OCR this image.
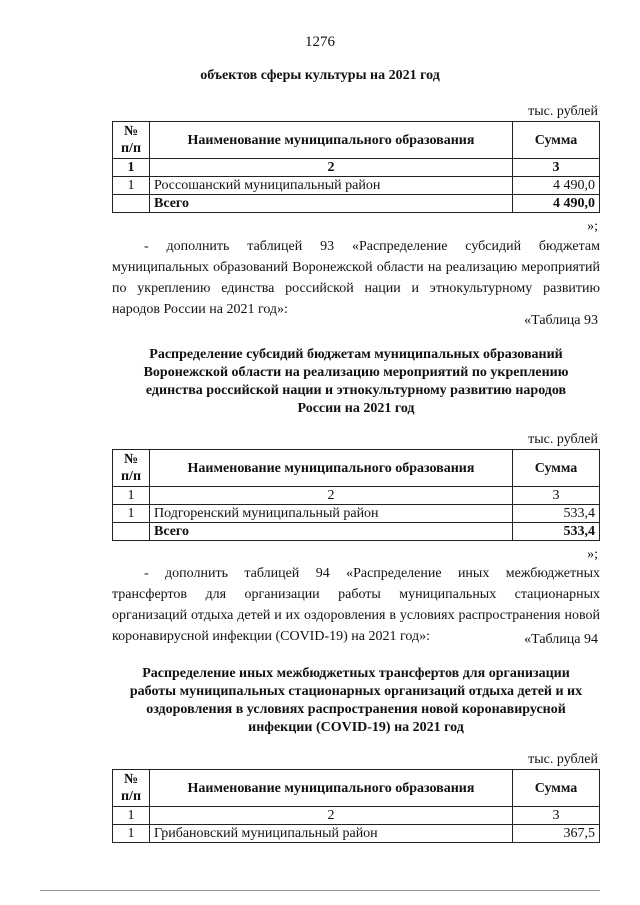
1276
объектов сферы культуры на 2021 год
тыс. рублей
№
п/п	Наименование муниципального образования	Сумма
1	2	3
1	Россошанский муниципальный район	4 490,0
	Всего	4 490,0
»;
- дополнить таблицей 93 «Распределение субсидий бюджетам муниципальных образований Воронежской области на реализацию мероприятий по укреплению единства российской нации и этнокультурному развитию народов России на 2021 год»:
«Таблица 93
Распределение субсидий бюджетам муниципальных образований
Воронежской области на реализацию мероприятий по укреплению
единства российской нации и этнокультурному развитию народов
России на 2021 год
тыс. рублей
№
п/п	Наименование муниципального образования	Сумма
1	2	3
1	Подгоренский муниципальный район	533,4
	Всего	533,4
»;
- дополнить таблицей 94 «Распределение иных межбюджетных трансфертов для организации работы муниципальных стационарных организаций отдыха детей и их оздоровления в условиях распространения новой коронавирусной инфекции (COVID-19) на 2021 год»:	«Таблица 94
Распределение иных межбюджетных трансфертов для организации
работы муниципальных стационарных организаций отдыха детей и их
оздоровления в условиях распространения новой коронавирусной
инфекции (COVID-19) на 2021 год
тыс. рублей
№
п/п	Наименование муниципального образования	Сумма
1	2	3
1	Грибановский муниципальный район	367,5
